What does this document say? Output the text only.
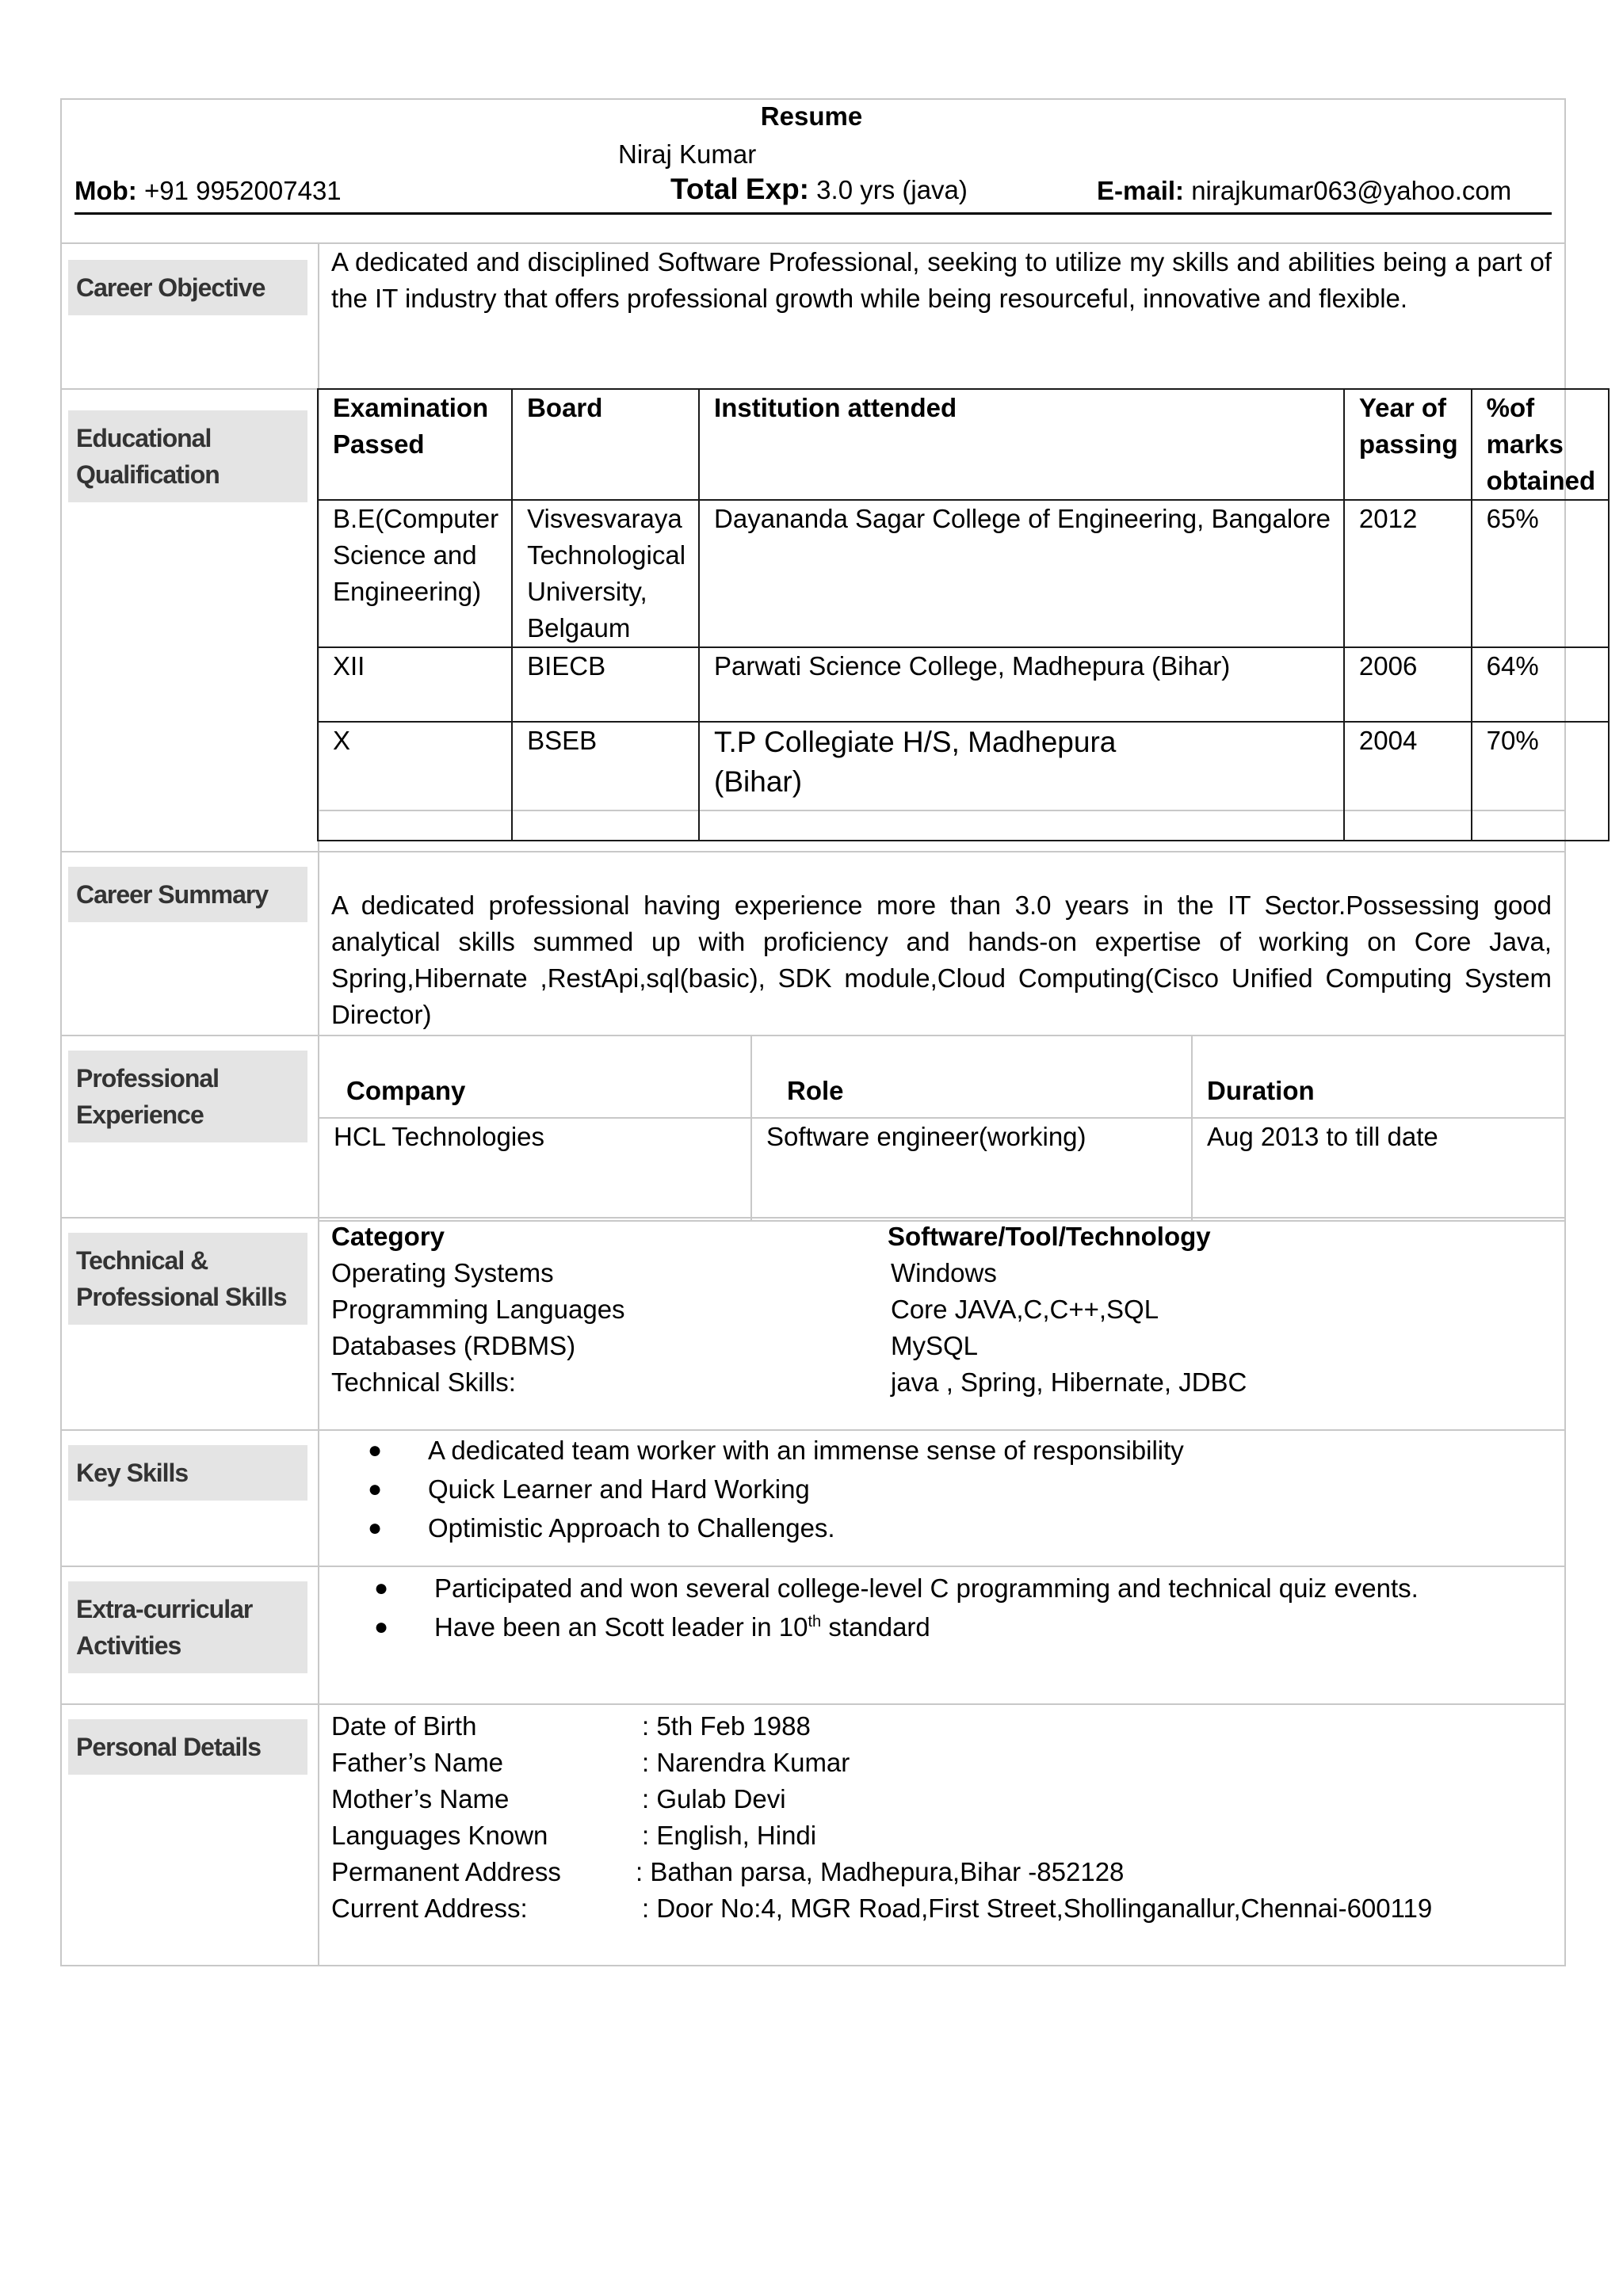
Resume
Niraj Kumar
Mob: +91 9952007431	Total Exp: 3.0 yrs (java)	E-mail: nirajkumar063@yahoo.com
Career Objective
A dedicated and disciplined Software Professional, seeking to utilize my skills and abilities being a part of the IT industry that offers professional growth while being resourceful, innovative and flexible.
Educational
Qualification
Examination Passed	Board	Institution attended	Year of passing	%of marks obtained
B.E(Computer Science and Engineering)	Visvesvaraya Technological University, Belgaum	Dayananda Sagar College of Engineering, Bangalore	2012	65%
XII	BIECB	Parwati Science College, Madhepura (Bihar)	2006	64%
X	BSEB	T.P Collegiate H/S, Madhepura (Bihar)	2004	70%
Career Summary	A dedicated professional having experience more than 3.0 years in the IT Sector.Possessing good analytical skills summed up with proficiency and hands-on expertise of working on Core Java, Spring,Hibernate ,RestApi,sql(basic), SDK module,Cloud Computing(Cisco Unified Computing System Director)
Professional
Experience
Company	Role	Duration
HCL Technologies	Software engineer(working)	Aug 2013 to till date
Technical &
Professional Skills
Category	Software/Tool/Technology
Operating Systems	Windows
Programming Languages	Core JAVA,C,C++,SQL
Databases (RDBMS)	MySQL
Technical Skills:	java , Spring, Hibernate, JDBC
Key Skills
●	A dedicated team worker with an immense sense of responsibility
●	Quick Learner and Hard Working
●	Optimistic Approach to Challenges.
Extra-curricular
Activities
●	Participated and won several college-level C programming and technical quiz events.
●	Have been an Scott leader in 10th standard
Personal Details
Date of Birth	: 5th Feb 1988
Father’s Name	: Narendra Kumar
Mother’s Name	: Gulab Devi
Languages Known	: English, Hindi
Permanent Address	: Bathan parsa, Madhepura,Bihar -852128
Current Address:	: Door No:4, MGR Road,First Street,Shollinganallur,Chennai-600119
